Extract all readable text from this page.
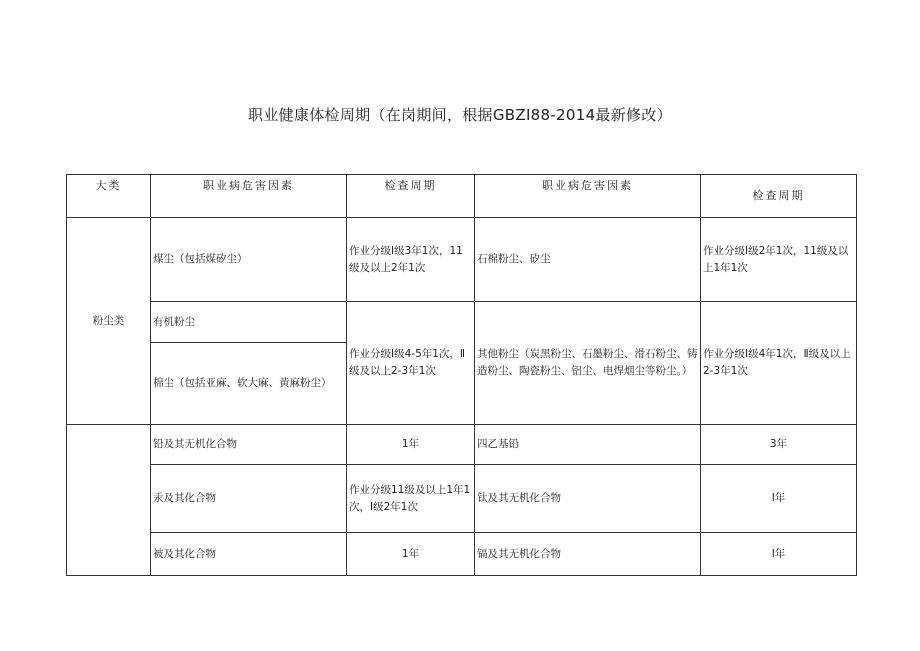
职业健康体检周期（在岗期间，根据GBZI88-2014最新修改）
大类	职业病危害因素	检查周期	职业病危害因素	检查周期
粉尘类	煤尘（包括煤矽尘）	作业分级Ⅰ级3年1次，11级及以上2年1次	石棉粉尘、矽尘	作业分级Ⅰ级2年1次，11级及以上1年1次
	有机粉尘	作业分级Ⅰ级4-5年1次，Ⅱ级及以上2-3年1次	其他粉尘（炭黑粉尘、石墨粉尘、滑石粉尘、铸造粉尘、陶瓷粉尘、铝尘、电焊烟尘等粉尘。）	作业分级Ⅰ级4年1次，Ⅱ级及以上2-3年1次
	棉尘（包括亚麻、软大麻、黄麻粉尘）			
	铅及其无机化合物	1年	四乙基铅	3年
	汞及其化合物	作业分级11级及以上1年1次，Ⅰ级2年1次	钛及其无机化合物	I年
	被及其化合物	1年	镉及其无机化合物	I年
